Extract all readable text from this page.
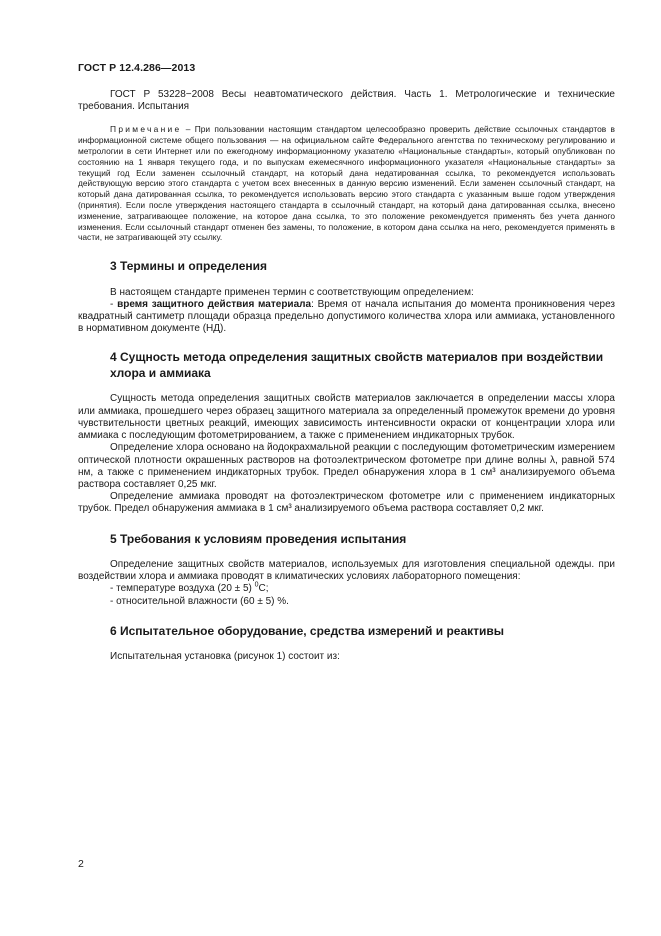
ГОСТ Р 12.4.286—2013

ГОСТ Р 53228−2008 Весы неавтоматического действия. Часть 1. Метрологические и технические требования. Испытания

Примечание – При пользовании настоящим стандартом целесообразно проверить действие ссылочных стандартов в информационной системе общего пользования — на официальном сайте Федерального агентства по техническому регулированию и метрологии в сети Интернет или по ежегодному информационному указателю «Национальные стандарты», который опубликован по состоянию на 1 января текущего года, и по выпускам ежемесячного информационного указателя «Национальные стандарты» за текущий год Если заменен ссылочный стандарт, на который дана недатированная ссылка, то рекомендуется использовать действующую версию этого стандарта с учетом всех внесенных в данную версию изменений. Если заменен ссылочный стандарт, на который дана датированная ссылка, то рекомендуется использовать версию этого стандарта с указанным выше годом утверждения (принятия). Если после утверждения настоящего стандарта в ссылочный стандарт, на который дана датированная ссылка, внесено изменение, затрагивающее положение, на которое дана ссылка, то это положение рекомендуется применять без учета данного изменения. Если ссылочный стандарт отменен без замены, то положение, в котором дана ссылка на него, рекомендуется применять в части, не затрагивающей эту ссылку.

3 Термины и определения

В настоящем стандарте применен термин с соответствующим определением:

- время защитного действия материала: Время от начала испытания до момента проникновения через квадратный сантиметр площади образца предельно допустимого количества хлора или аммиака, установленного в нормативном документе (НД).

4 Сущность метода определения защитных свойств материалов при воздействии хлора и аммиака

Сущность метода определения защитных свойств материалов заключается в определении массы хлора или аммиака, прошедшего через образец защитного материала за определенный промежуток времени до уровня чувствительности цветных реакций, имеющих зависимость интенсивности окраски от концентрации хлора или аммиака с последующим фотометрированием, а также с применением индикаторных трубок.

Определение хлора основано на йодокрахмальной реакции с последующим фотометрическим измерением оптической плотности окрашенных растворов на фотоэлектрическом фотометре при длине волны λ, равной 574 нм, а также с применением индикаторных трубок. Предел обнаружения хлора в 1 см³ анализируемого объема раствора составляет 0,25 мкг.

Определение аммиака проводят на фотоэлектрическом фотометре или с применением индикаторных трубок. Предел обнаружения аммиака в 1 см³ анализируемого объема раствора составляет 0,2 мкг.

5 Требования к условиям проведения испытания

Определение защитных свойств материалов, используемых для изготовления специальной одежды. при воздействии хлора и аммиака проводят в климатических условиях лабораторного помещения:

- температуре воздуха (20 ± 5) $^0$С;

- относительной влажности (60 ± 5) %.

6 Испытательное оборудование, средства измерений и реактивы

Испытательная установка (рисунок 1) состоит из:

2
